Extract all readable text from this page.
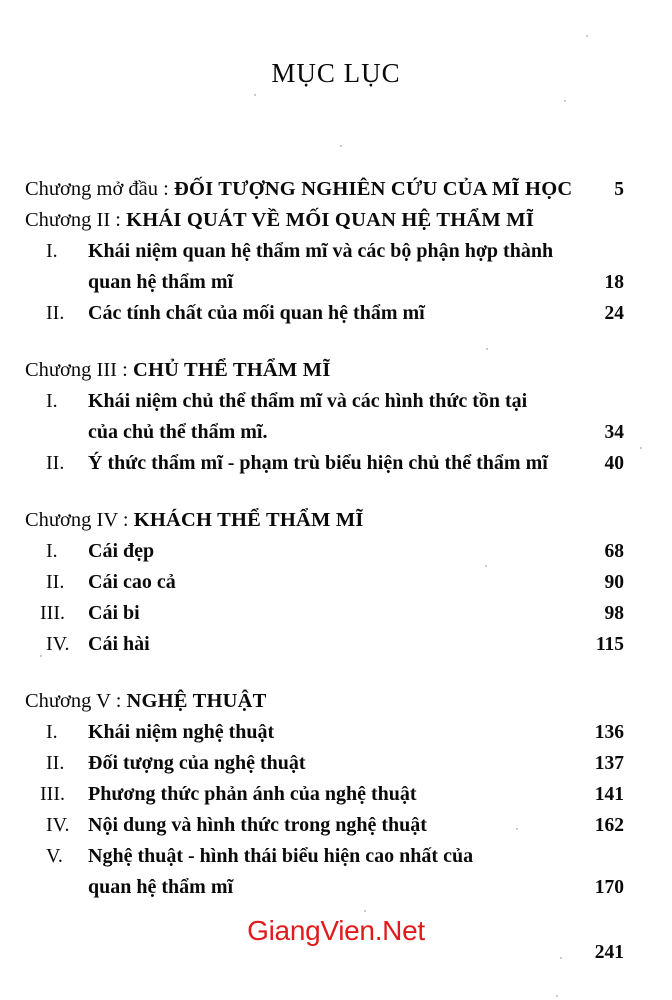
MỤC LỤC
Chương mở đầu : ĐỐI TƯỢNG NGHIÊN CỨU CỦA MĨ HỌC	5
Chương II : KHÁI QUÁT VỀ MỐI QUAN HỆ THẨM MĨ
I.	Khái niệm quan hệ thẩm mĩ và các bộ phận hợp thành
quan hệ thẩm mĩ	18
II.	Các tính chất của mối quan hệ thẩm mĩ	24
Chương III : CHỦ THỂ THẨM MĨ
I.	Khái niệm chủ thể thẩm mĩ và các hình thức tồn tại
của chủ thể thẩm mĩ.	34
II.	Ý thức thẩm mĩ - phạm trù biểu hiện chủ thể thẩm mĩ	40
Chương IV : KHÁCH THỂ THẨM MĨ
I.	Cái đẹp	68
II.	Cái cao cả	90
III.	Cái bi	98
IV. Cái hài	115
Chương V : NGHỆ THUẬT
I.	Khái niệm nghệ thuật	136
II.	Đối tượng của nghệ thuật	137
III.	Phương thức phản ánh của nghệ thuật	141
IV. Nội dung và hình thức trong nghệ thuật	162
V.	Nghệ thuật - hình thái biểu hiện cao nhất của
quan hệ thẩm mĩ	170
GiangVien.Net
241
